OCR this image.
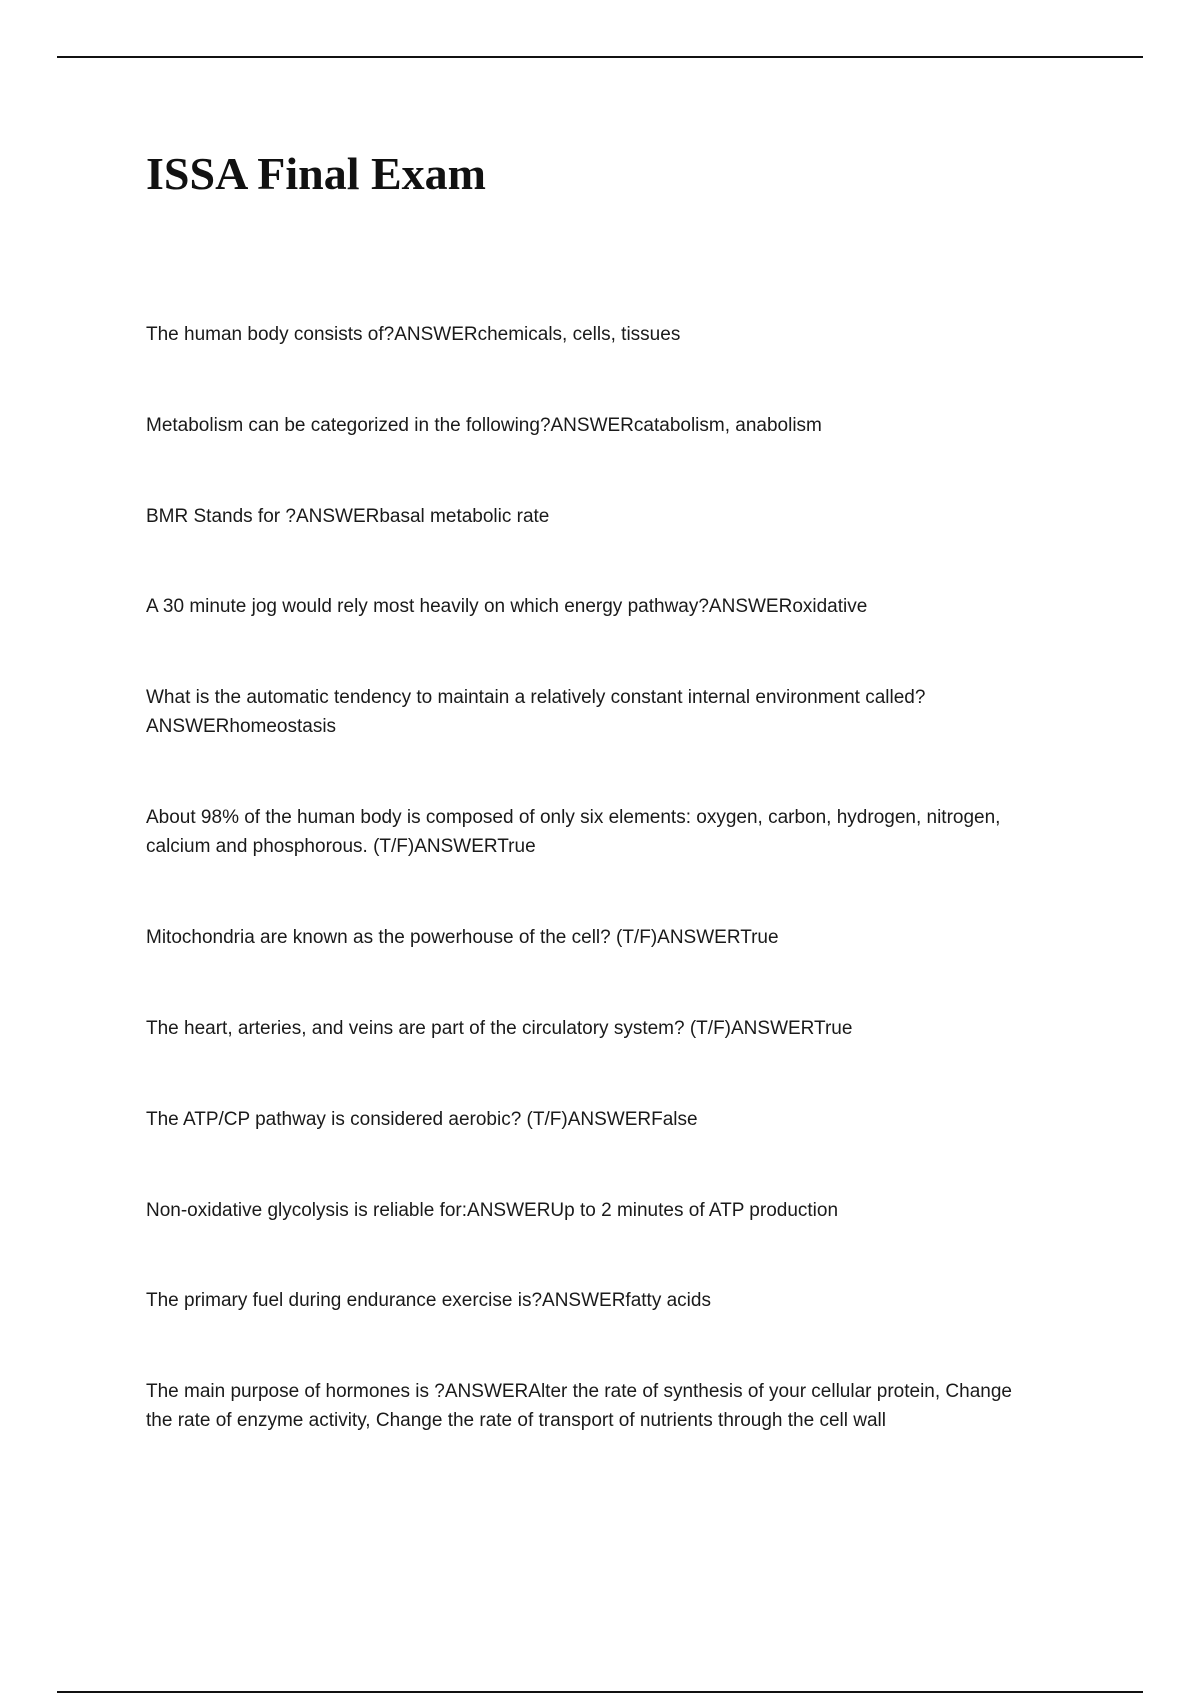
ISSA Final Exam

The human body consists of?ANSWERchemicals, cells, tissues

Metabolism can be categorized in the following?ANSWERcatabolism, anabolism

BMR Stands for ?ANSWERbasal metabolic rate

A 30 minute jog would rely most heavily on which energy pathway?ANSWERoxidative

What is the automatic tendency to maintain a relatively constant internal environment called?

ANSWERhomeostasis

About 98% of the human body is composed of only six elements: oxygen, carbon, hydrogen, nitrogen,

calcium and phosphorous. (T/F)ANSWERTrue

Mitochondria are known as the powerhouse of the cell? (T/F)ANSWERTrue

The heart, arteries, and veins are part of the circulatory system? (T/F)ANSWERTrue

The ATP/CP pathway is considered aerobic? (T/F)ANSWERFalse

Non-oxidative glycolysis is reliable for:ANSWERUp to 2 minutes of ATP production

The primary fuel during endurance exercise is?ANSWERfatty acids

The main purpose of hormones is ?ANSWERAlter the rate of synthesis of your cellular protein, Change

the rate of enzyme activity, Change the rate of transport of nutrients through the cell wall
